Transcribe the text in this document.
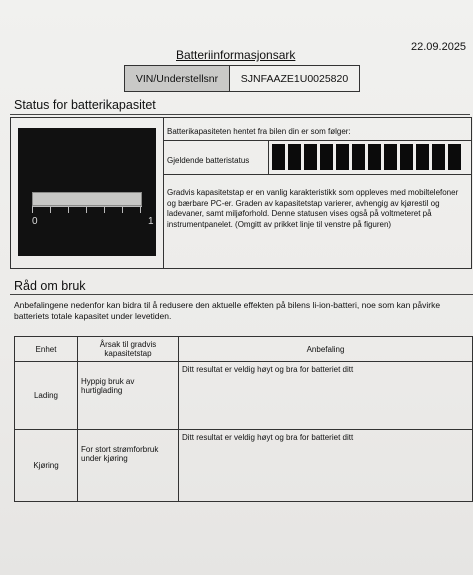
Batteriinformasjonsark
22.09.2025
VIN/Understellsnr	SJNFAAZE1U0025820
Status for batterikapasitet
0	1
Batterikapasiteten hentet fra bilen din er som følger:
Gjeldende batteristatus
Gradvis kapasitetstap er en vanlig karakteristikk som oppleves med mobiltelefoner og bærbare PC-er. Graden av kapasitetstap varierer, avhengig av kjørestil og ladevaner, samt miljøforhold. Denne statusen vises også på voltmeteret på instrumentpanelet. (Omgitt av prikket linje til venstre på figuren)
Råd om bruk
Anbefalingene nedenfor kan bidra til å redusere den aktuelle effekten på bilens li-ion-batteri, noe som kan påvirke batteriets totale kapasitet under levetiden.
Enhet	Årsak til gradvis kapasitetstap	Anbefaling
Lading	Hyppig bruk av hurtiglading	Ditt resultat er veldig høyt og bra for batteriet ditt
Kjøring	For stort strømforbruk under kjøring	Ditt resultat er veldig høyt og bra for batteriet ditt
